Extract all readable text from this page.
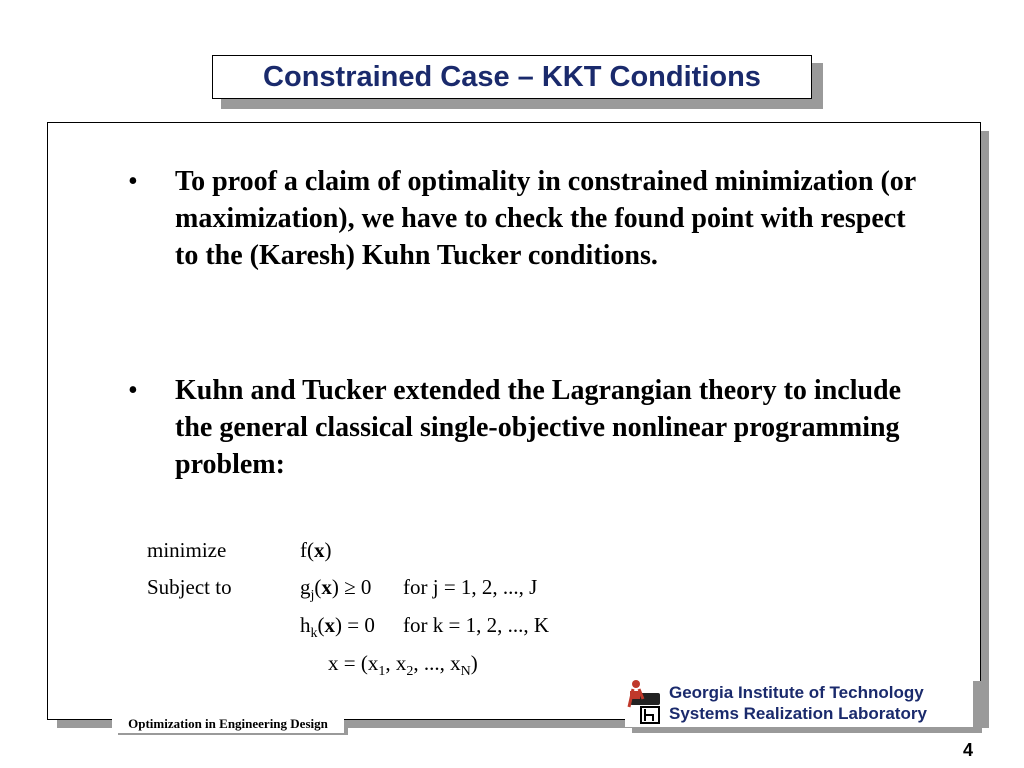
Constrained Case – KKT Conditions
• To proof a claim of optimality in constrained minimization (or maximization), we have to check the found point with respect to the (Karesh) Kuhn Tucker conditions.
• Kuhn and Tucker extended the Lagrangian theory to include the general classical single-objective nonlinear programming problem:
minimize	f(x)
Subject to	$g_j(x) \ge 0$ for j = 1, 2, ..., J
$h_k(x) = 0$ for k = 1, 2, ..., K
$x = (x_1$, $x_2$, ..., $x_N$)
Optimization in Engineering Design
Georgia Institute of Technology
Systems Realization Laboratory
4
